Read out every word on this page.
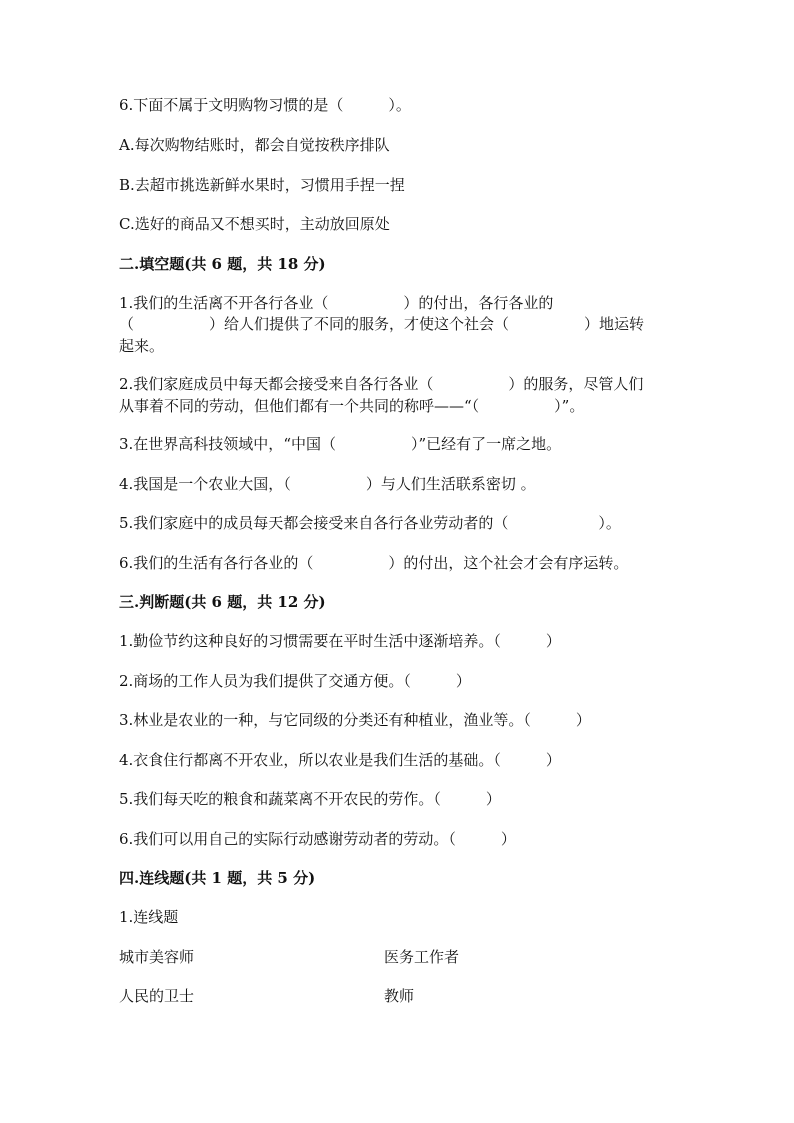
6.下面不属于文明购物习惯的是（　　　）。
A.每次购物结账时，都会自觉按秩序排队
B.去超市挑选新鲜水果时，习惯用手捏一捏
C.选好的商品又不想买时，主动放回原处
二.填空题(共 6 题，共 18 分)
1.我们的生活离不开各行各业（　　　　　）的付出，各行各业的
（　　　　　）给人们提供了不同的服务，才使这个社会（　　　　　）地运转
起来。
2.我们家庭成员中每天都会接受来自各行各业（　　　　　）的服务，尽管人们
从事着不同的劳动，但他们都有一个共同的称呼——“（　　　　　）”。
3.在世界高科技领域中，“中国（　　　　　）”已经有了一席之地。
4.我国是一个农业大国，（　　　　　）与人们生活联系密切 。
5.我们家庭中的成员每天都会接受来自各行各业劳动者的（　　　　　　）。
6.我们的生活有各行各业的（　　　　　）的付出，这个社会才会有序运转。
三.判断题(共 6 题，共 12 分)
1.勤俭节约这种良好的习惯需要在平时生活中逐渐培养。（　　　）
2.商场的工作人员为我们提供了交通方便。（　　　）
3.林业是农业的一种，与它同级的分类还有种植业，渔业等。（　　　）
4.衣食住行都离不开农业，所以农业是我们生活的基础。（　　　）
5.我们每天吃的粮食和蔬菜离不开农民的劳作。（　　　）
6.我们可以用自己的实际行动感谢劳动者的劳动。（　　　）
四.连线题(共 1 题，共 5 分)
1.连线题
城市美容师	医务工作者
人民的卫士	教师
